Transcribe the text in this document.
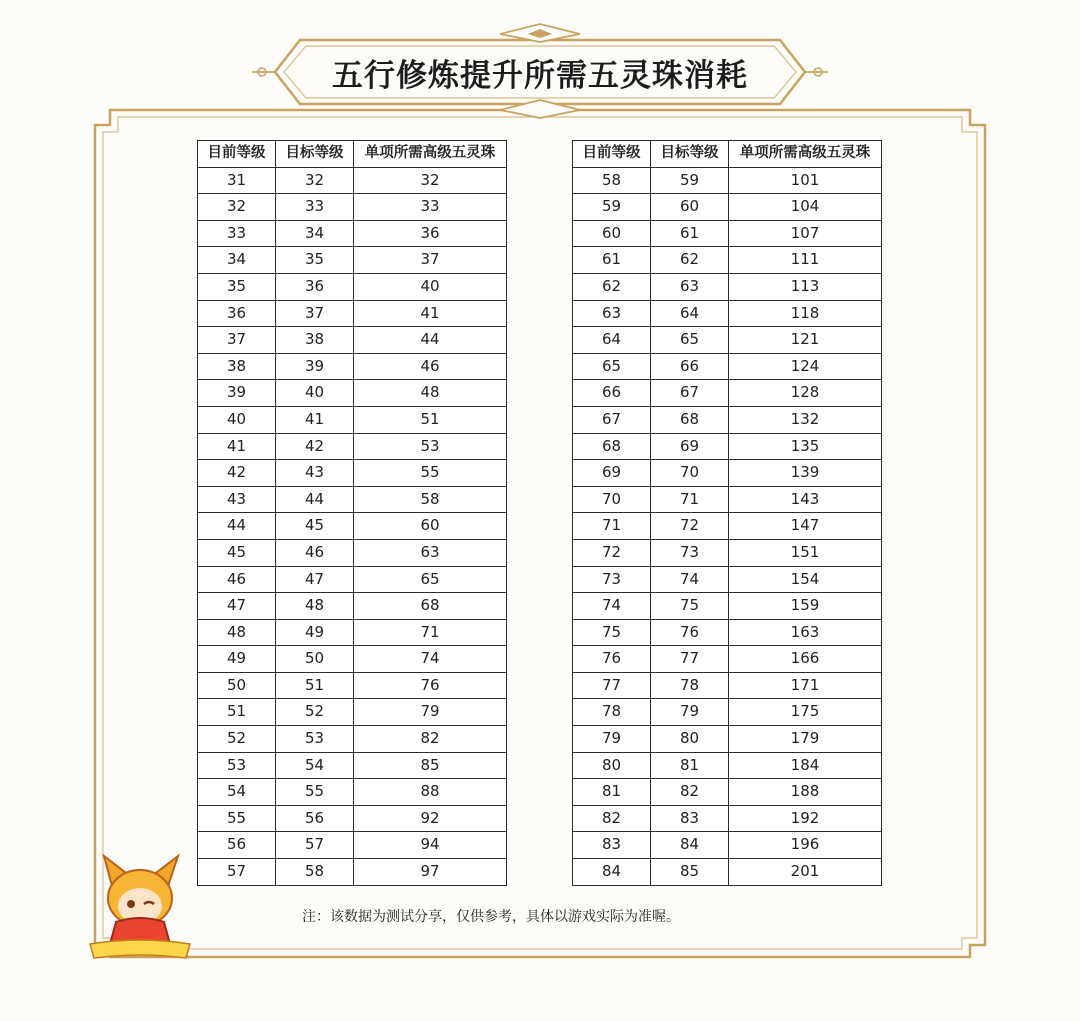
五行修炼提升所需五灵珠消耗
目前等级	目标等级	单项所需高级五灵珠
31	32	32
32	33	33
33	34	36
34	35	37
35	36	40
36	37	41
37	38	44
38	39	46
39	40	48
40	41	51
41	42	53
42	43	55
43	44	58
44	45	60
45	46	63
46	47	65
47	48	68
48	49	71
49	50	74
50	51	76
51	52	79
52	53	82
53	54	85
54	55	88
55	56	92
56	57	94
57	58	97
目前等级	目标等级	单项所需高级五灵珠
58	59	101
59	60	104
60	61	107
61	62	111
62	63	113
63	64	118
64	65	121
65	66	124
66	67	128
67	68	132
68	69	135
69	70	139
70	71	143
71	72	147
72	73	151
73	74	154
74	75	159
75	76	163
76	77	166
77	78	171
78	79	175
79	80	179
80	81	184
81	82	188
82	83	192
83	84	196
84	85	201
注：该数据为测试分享，仅供参考，具体以游戏实际为准喔。
